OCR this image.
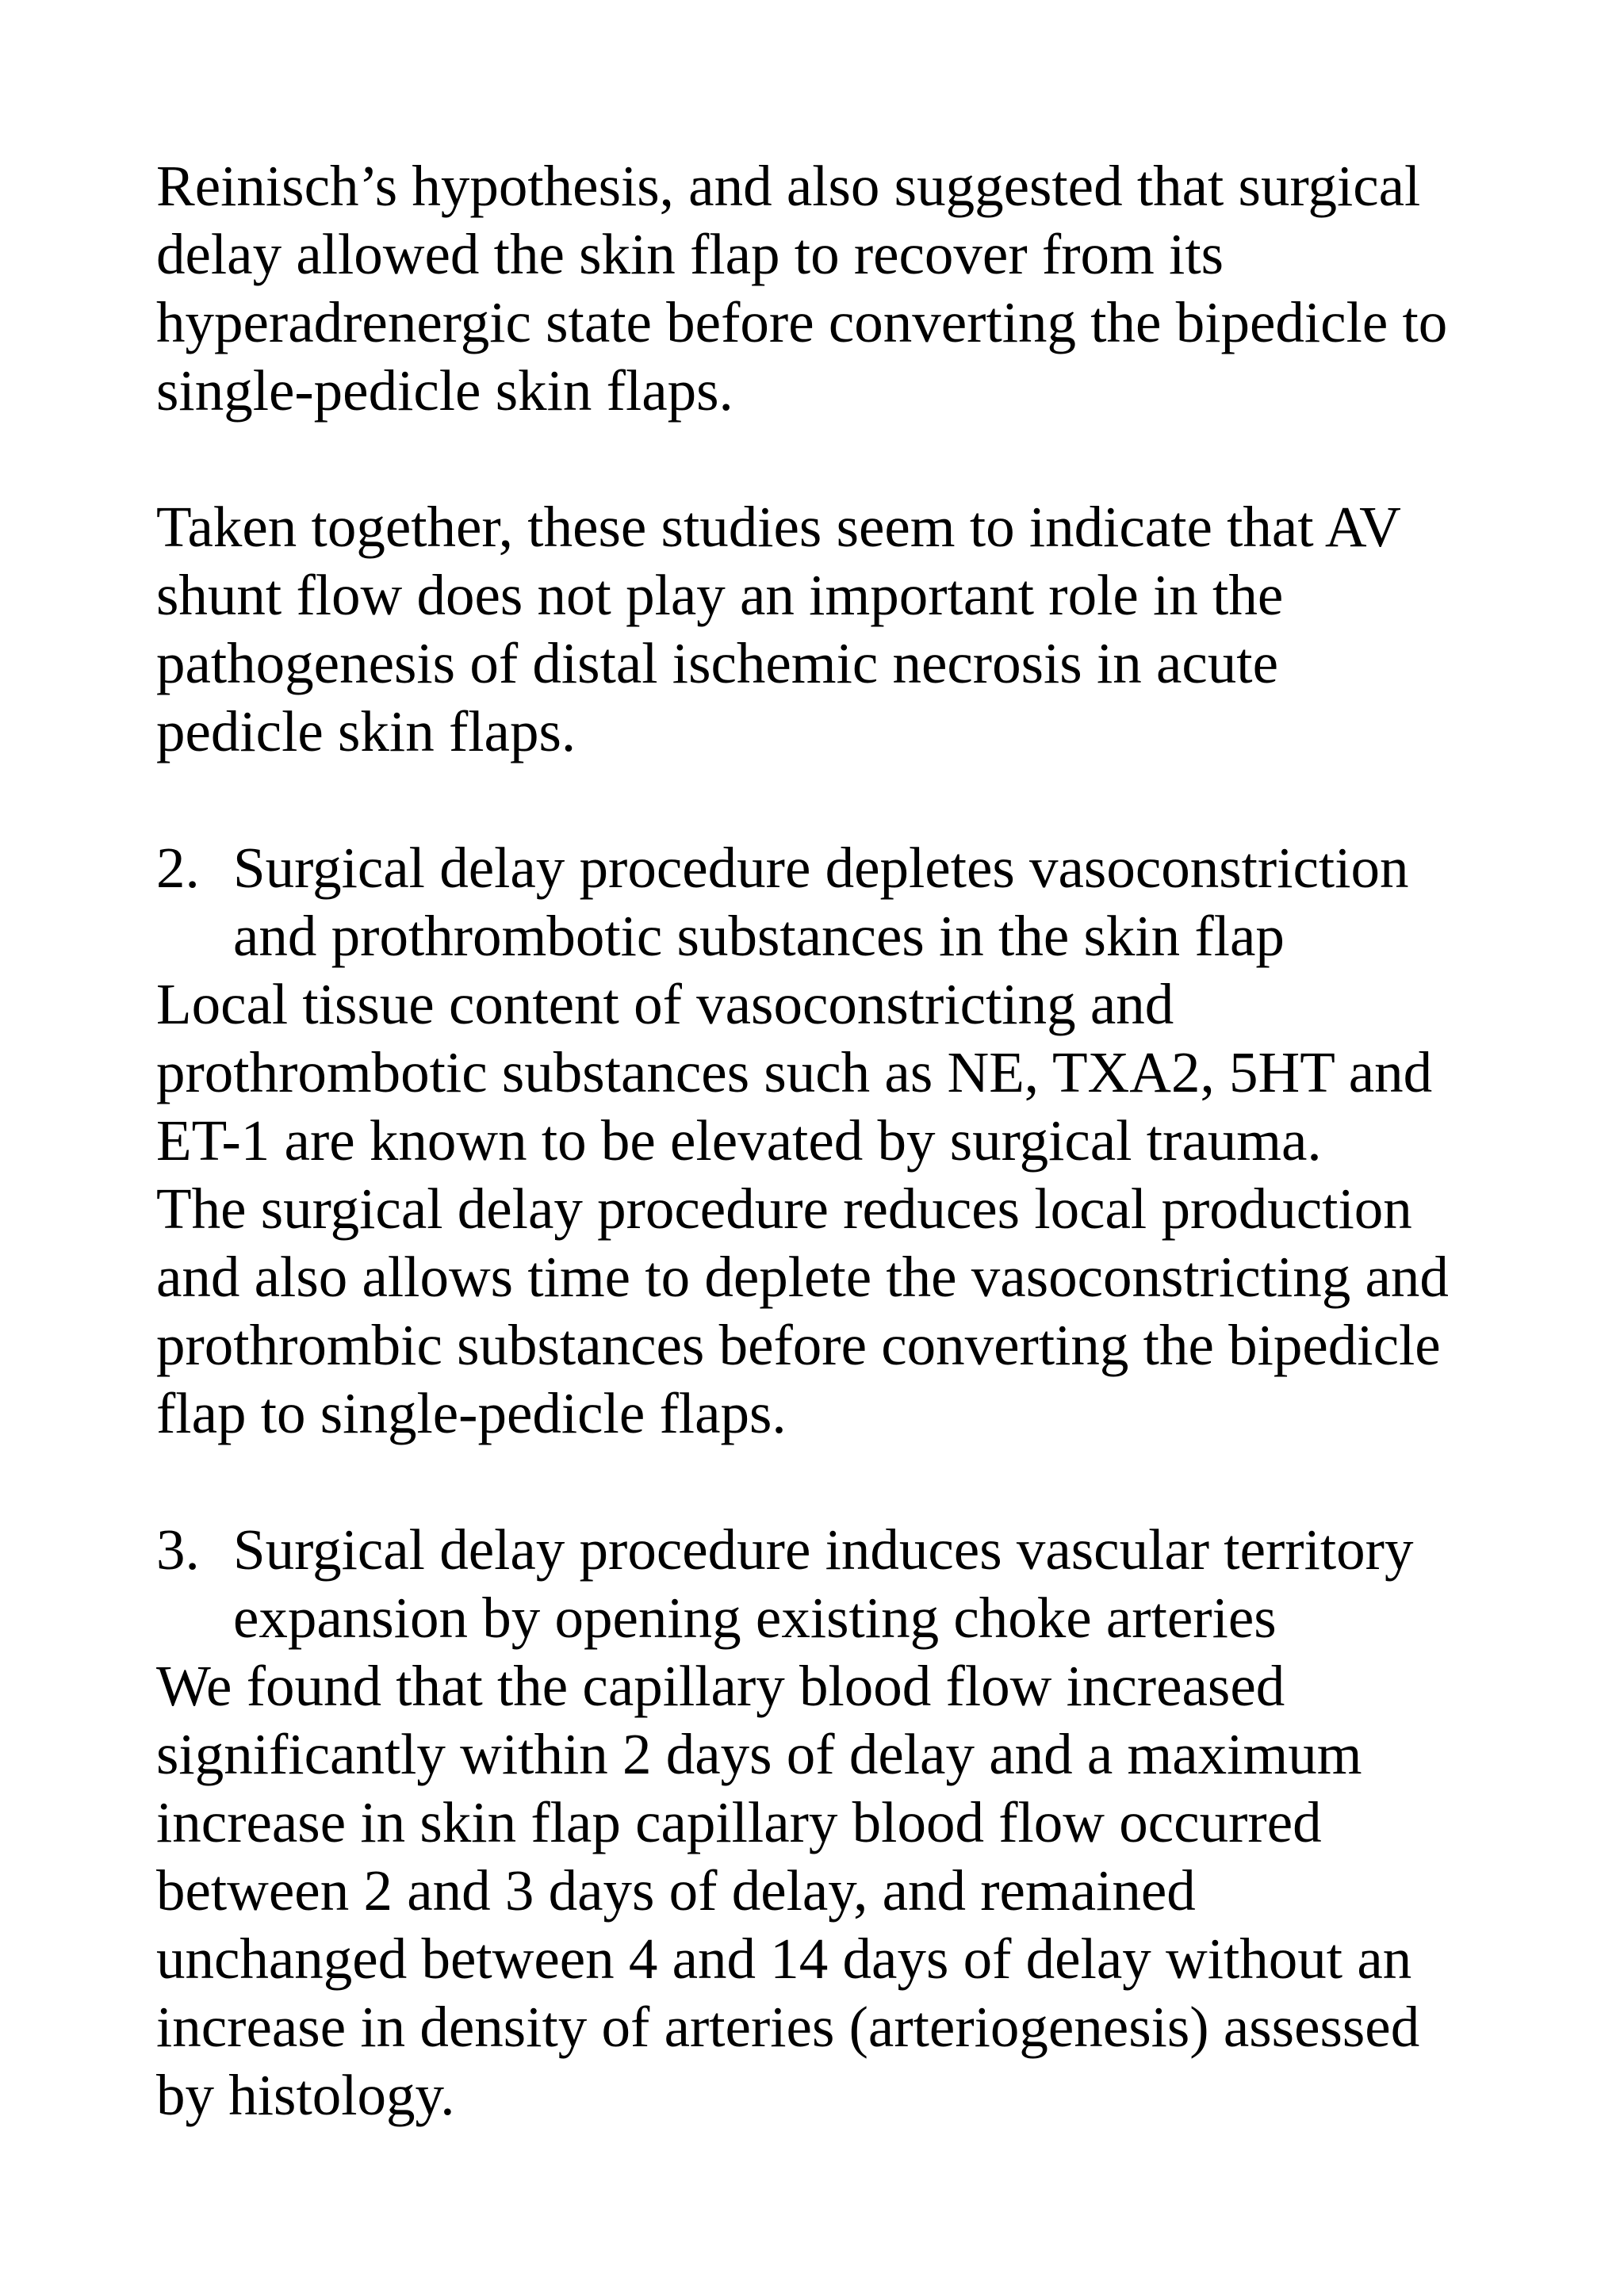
Reinisch’s hypothesis, and also suggested that surgical
delay allowed the skin flap to recover from its
hyperadrenergic state before converting the bipedicle to
single-pedicle skin flaps.
Taken together, these studies seem to indicate that AV
shunt flow does not play an important role in the
pathogenesis of distal ischemic necrosis in acute
pedicle skin flaps.
2. Surgical delay procedure depletes vasoconstriction
and prothrombotic substances in the skin flap
Local tissue content of vasoconstricting and
prothrombotic substances such as NE, TXA2, 5HT and
ET-1 are known to be elevated by surgical trauma.
The surgical delay procedure reduces local production
and also allows time to deplete the vasoconstricting and
prothrombic substances before converting the bipedicle
flap to single-pedicle flaps.
3. Surgical delay procedure induces vascular territory
expansion by opening existing choke arteries
We found that the capillary blood flow increased
significantly within 2 days of delay and a maximum
increase in skin flap capillary blood flow occurred
between 2 and 3 days of delay, and remained
unchanged between 4 and 14 days of delay without an
increase in density of arteries (arteriogenesis) assessed
by histology.
